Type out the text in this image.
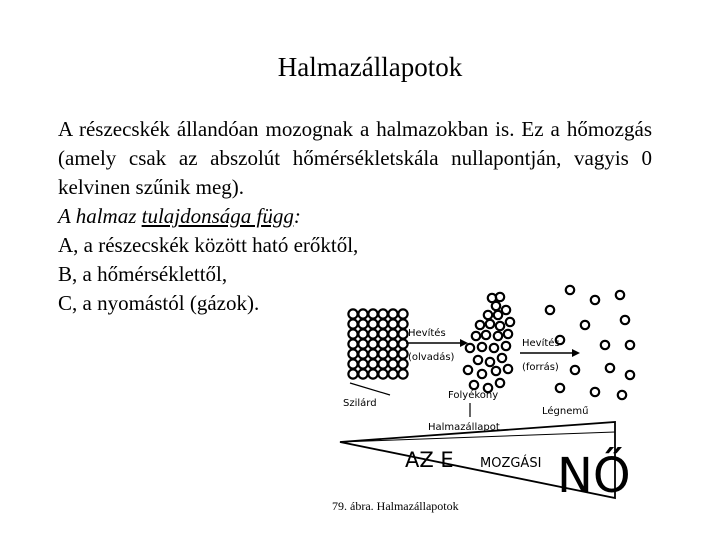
Halmazállapotok

A részecskék állandóan mozognak a halmazokban is. Ez a hőmozgás (amely csak az abszolút hőmérsékletskála nullapontján, vagyis 0 kelvinen szűnik meg).

A halmaz tulajdonsága függ:

A, a részecskék között ható erőktől,

B, a hőmérséklettől,

C, a nyomástól (gázok).

Hevítés
(olvadás)
Hevítés
(forrás)
Szilárd
Folyékony
Halmazállapot
Légnemű
AZ E MOZGÁSI NŐ
79. ábra. Halmazállapotok
